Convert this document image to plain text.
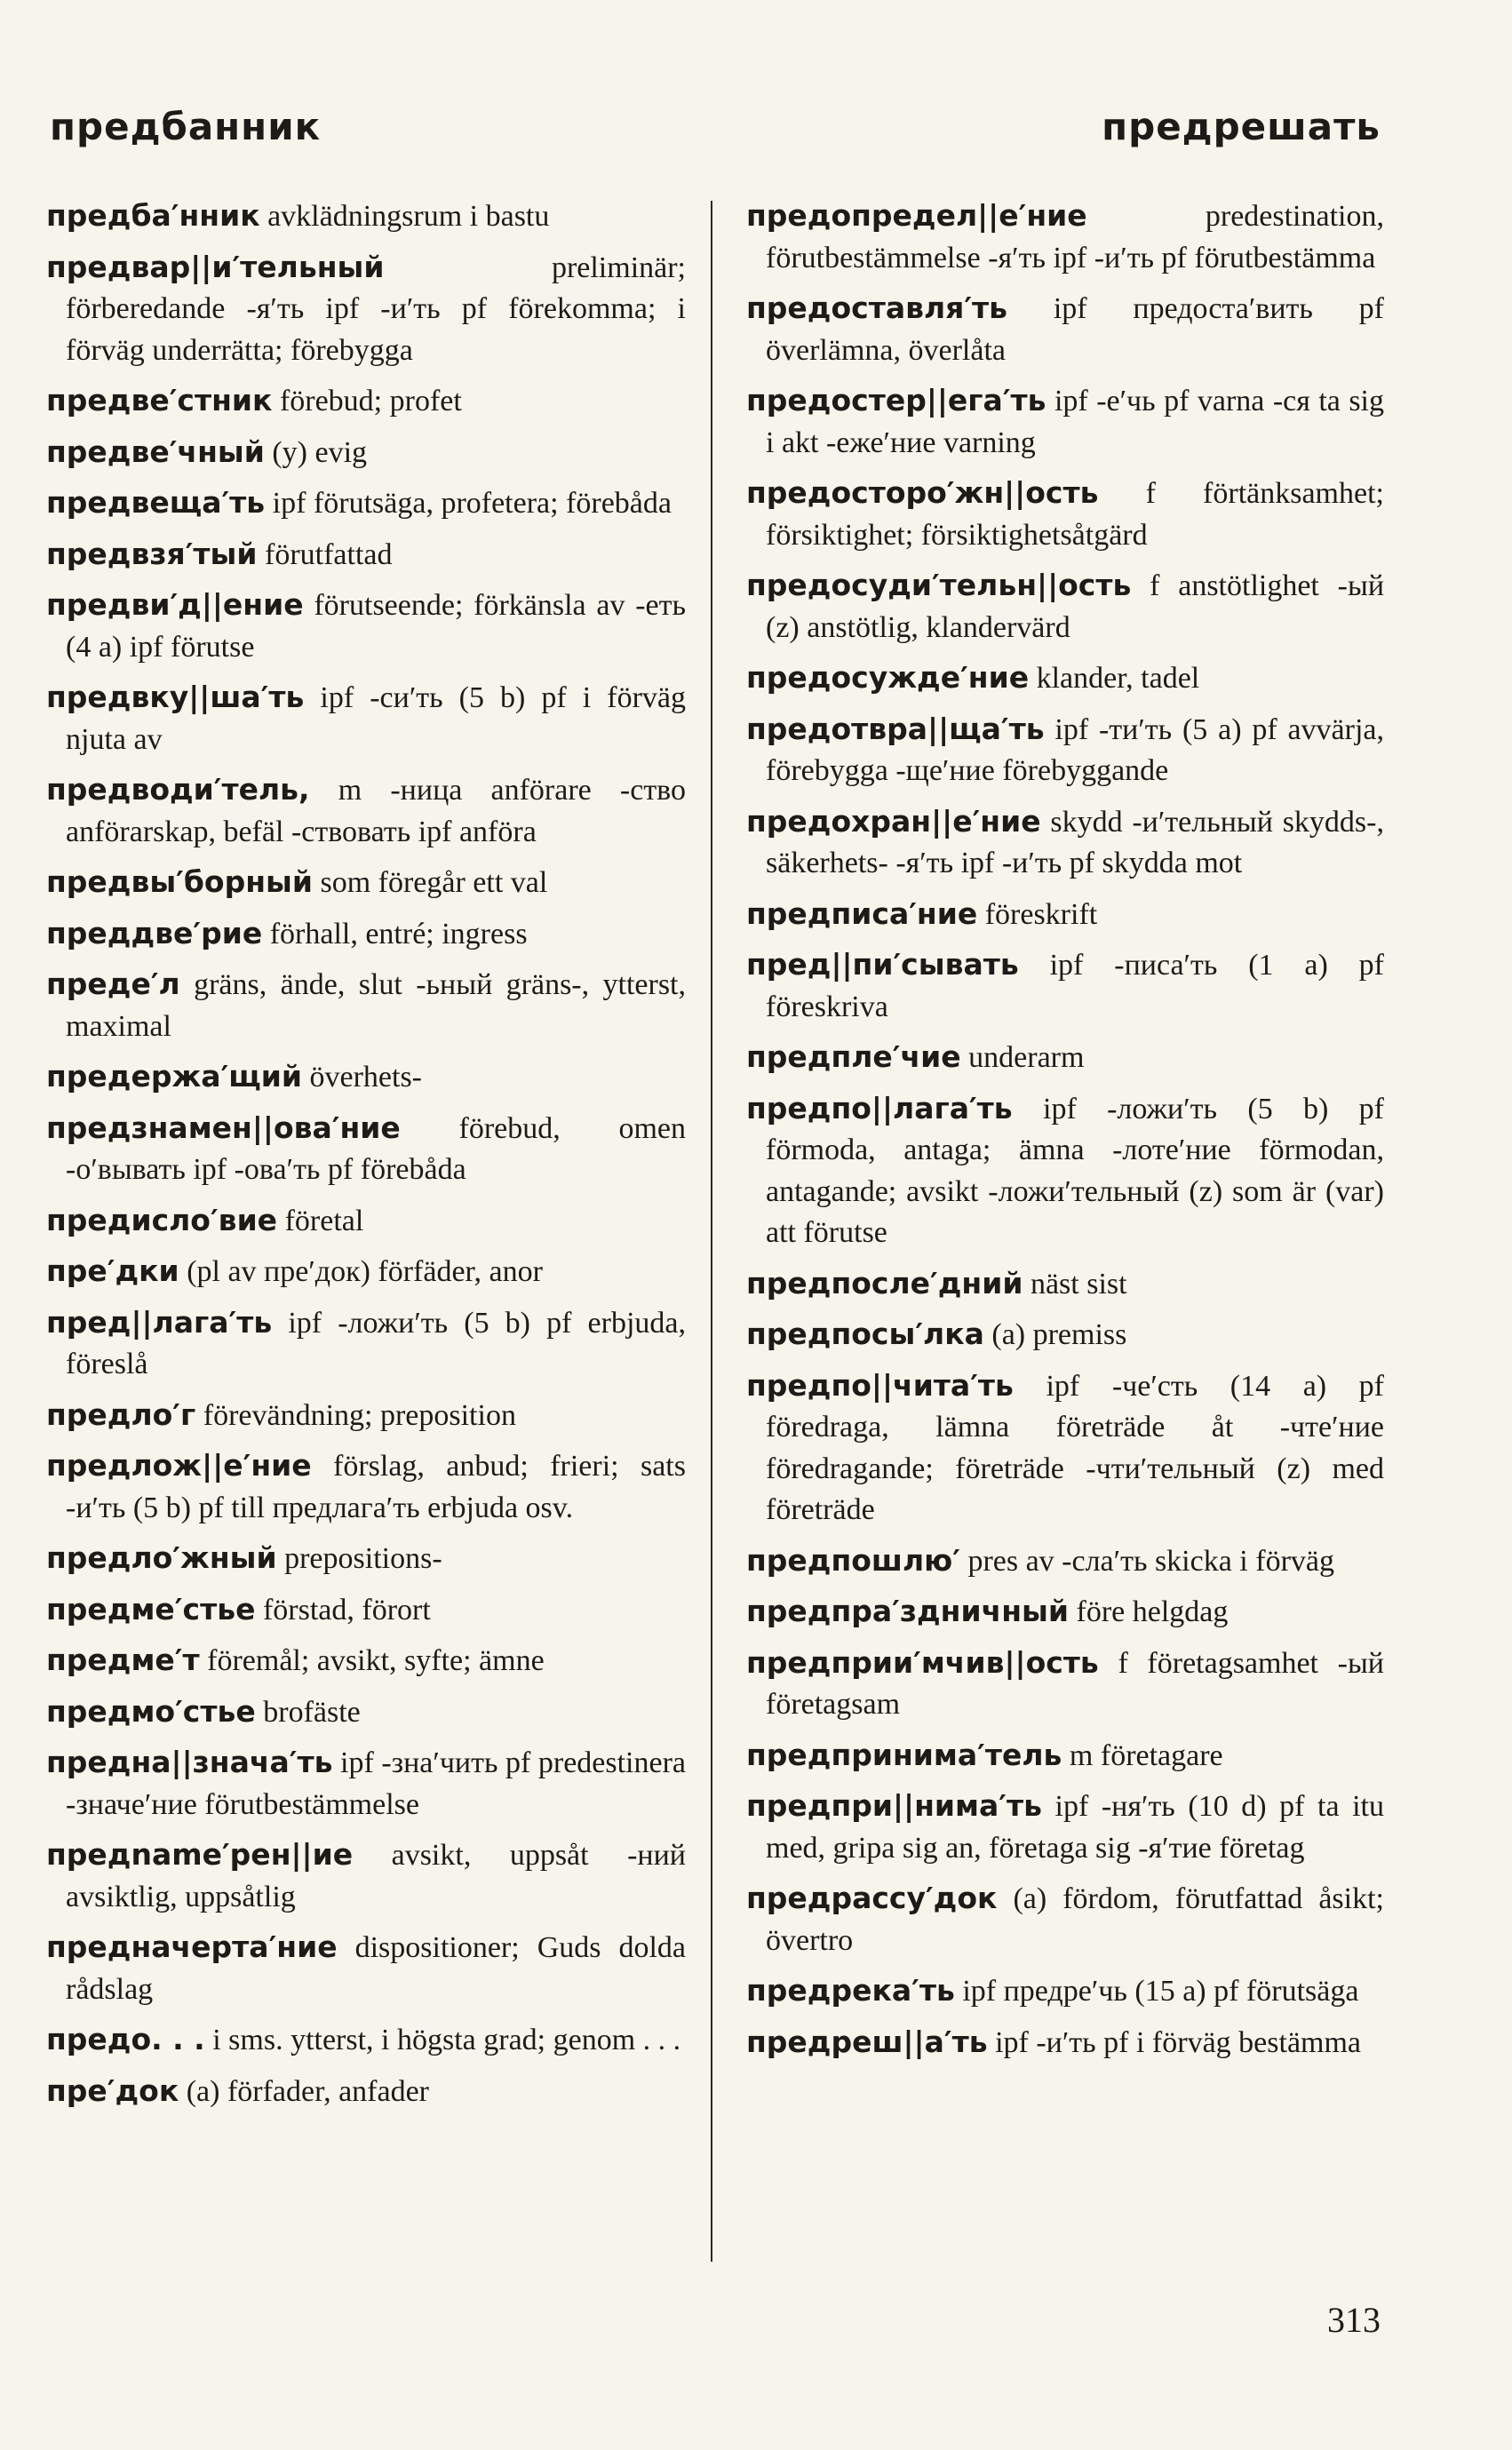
предбанник	предрешать
предба′нник avklädningsrum i bastu
предвар||и′тельный	preliminär; förberedande -я′ть ipf -и′ть pf förekomma; i förväg underrätta; förebygga
предве′стник förebud; profet
предве′чный (y) evig
предвеща′ть ipf förutsäga, profetera; förebåda
предвзя′тый förutfattad
предви′д||ение förutseende; förkänsla av -еть (4 a) ipf förutse
предвку||ша′ть ipf -си′ть (5 b) pf i förväg njuta av
предводи′тель, m -ница anförare -ство anförarskap, befäl -ствовать ipf anföra
предвы′борный som föregår ett val
преддве′рие förhall, entré; ingress
преде′л gräns, ände, slut -ьный gräns-, ytterst, maximal
предержа′щий överhets-
предзнамен||ова′ние förebud, omen -о′вывать ipf -ова′ть pf förebåda
предисло′вие företal
пре′дки (pl av пре′док) förfäder, anor
пред||лага′ть ipf -ложи′ть (5 b) pf erbjuda, föreslå
предло′г förevändning; preposition
предлож||е′ние förslag, anbud; frieri; sats -и′ть (5 b) pf till предлага′ть erbjuda osv.
предло′жный prepositions-
предме′стье förstad, förort
предме′т föremål; avsikt, syfte; ämne
предмо′стье brofäste
предна||знача′ть ipf -зна′чить pf predestinera -значе′ние förutbestämmelse
предname′рен||ие avsikt, uppsåt -ний avsiktlig, uppsåtlig
предначерта′ние dispositioner; Guds dolda rådslag
предо. . . i sms. ytterst, i högsta grad; genom . . .
пре′док (a) förfader, anfader
предопредел||е′ние	predestination, förutbestämmelse -я′ть ipf -и′ть pf förutbestämma
предоставля′ть ipf предоста′вить pf överlämna, överlåta
предостер||ега′ть ipf -е′чь pf varna -ся ta sig i akt -еже′ние varning
предосторо′жн||ость f förtänksamhet; försiktighet; försiktighetsåtgärd
предосуди′тельн||ость f anstötlighet -ый (z) anstötlig, klandervärd
предосужде′ние klander, tadel
предотвра||ща′ть ipf -ти′ть (5 a) pf avvärja, förebygga -ще′ние förebyggande
предохран||е′ние skydd -и′тельный skydds-, säkerhets- -я′ть ipf -и′ть pf skydda mot
предписа′ние föreskrift
пред||пи′сывать ipf -писа′ть (1 a) pf föreskriva
предпле′чие underarm
предпо||лага′ть ipf -ложи′ть (5 b) pf förmoda, antaga; ämna -лоте′ние förmodan, antagande; avsikt -ложи′тельный (z) som är (var) att förutse
предпосле′дний näst sist
предпосы′лка (a) premiss
предпо||чита′ть ipf -че′сть (14 a) pf föredraga, lämna företräde åt -чте′ние föredragande; företräde -чти′тельный (z) med företräde
предпошлю′ pres av -сла′ть skicka i förväg
предпра′здничный före helgdag
предприи′мчив||ость f företagsamhet -ый företagsam
предпринима′тель m företagare
предпри||нима′ть ipf -ня′ть (10 d) pf ta itu med, gripa sig an, företaga sig -я′тие företag
предрассу′док (a) fördom, förutfattad åsikt; övertro
предрека′ть ipf предре′чь (15 a) pf förutsäga
предреш||а′ть ipf -и′ть pf i förväg bestämma
313
